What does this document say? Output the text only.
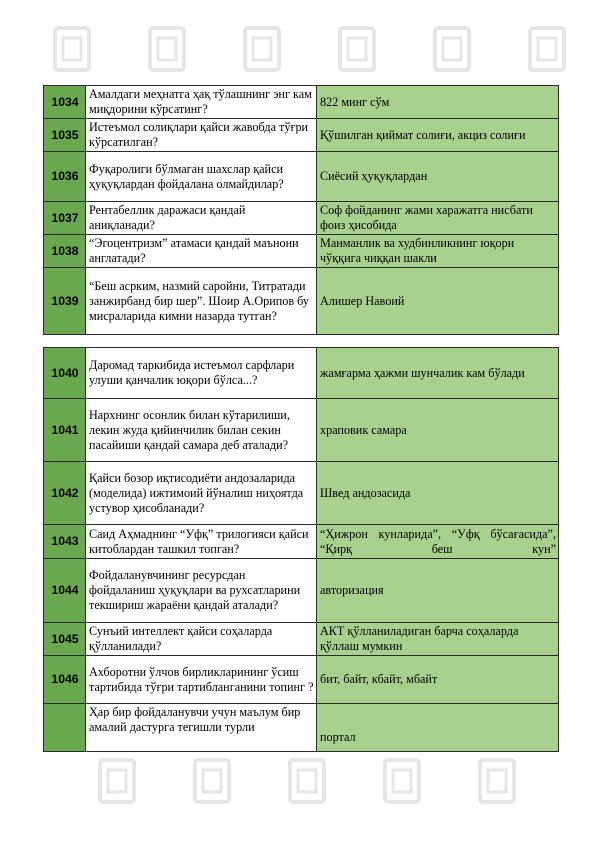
1034	Амалдаги меҳнатга ҳақ тўлашнинг энг кам миқдорини кўрсатинг?	822 минг сўм
1035	Истеъмол солиқлари қайси жавобда тўғри кўрсатилган?	Қўшилган қиймат солиғи, акциз солиғи
1036	Фуқаролиги бўлмаган шахслар қайси ҳуқуқлардан фойдалана олмайдилар?	Сиёсий ҳуқуқлардан
1037	Рентабеллик даражаси қандай аниқланади?	Соф фойданинг жами харажатга нисбати фоиз ҳисобида
1038	“Эгоцентризм” атамаси қандай маънони англатади?	Манманлик ва худбинликнинг юқори чўққига чиққан шакли
1039	“Беш асрким, назмий саройни, Титратади занжирбанд бир шер”. Шоир А.Орипов бу мисраларида кимни назарда тутган?	Алишер Навоий
1040	Даромад таркибида истеъмол сарфлари улуши қанчалик юқори бўлса...?	жамғарма ҳажми шунчалик кам бўлади
1041	Нархнинг осонлик билан кўтарилиши, лекин жуда қийинчилик билан секин пасайиши қандай самара деб аталади?	храповик самара
1042	Қайси бозор иқтисодиёти андозаларида (моделида) ижтимоий йўналиш ниҳоятда устувор ҳисобланади?	Швед андозасида
1043	Саид Аҳмаднинг “Уфқ” трилогияси қайси китоблардан ташкил топган?	“Ҳижрон кунларида”, “Уфқ бўсағасида”, “Қирқ беш кун”
1044	Фойдаланувчининг ресурсдан фойдаланиш ҳуқуқлари ва рухсатларини текшириш жараёни қандай аталади?	авторизация
1045	Сунъий интеллект қайси соҳаларда қўлланилади?	АКТ қўлланиладиган барча соҳаларда қўллаш мумкин
1046	Ахборотни ўлчов бирликларининг ўсиш тартибида тўғри тартибланганини топинг ?	бит, байт, кбайт, мбайт
	Ҳар бир фойдаланувчи учун маълум бир амалий дастурга тегишли турли	портал
